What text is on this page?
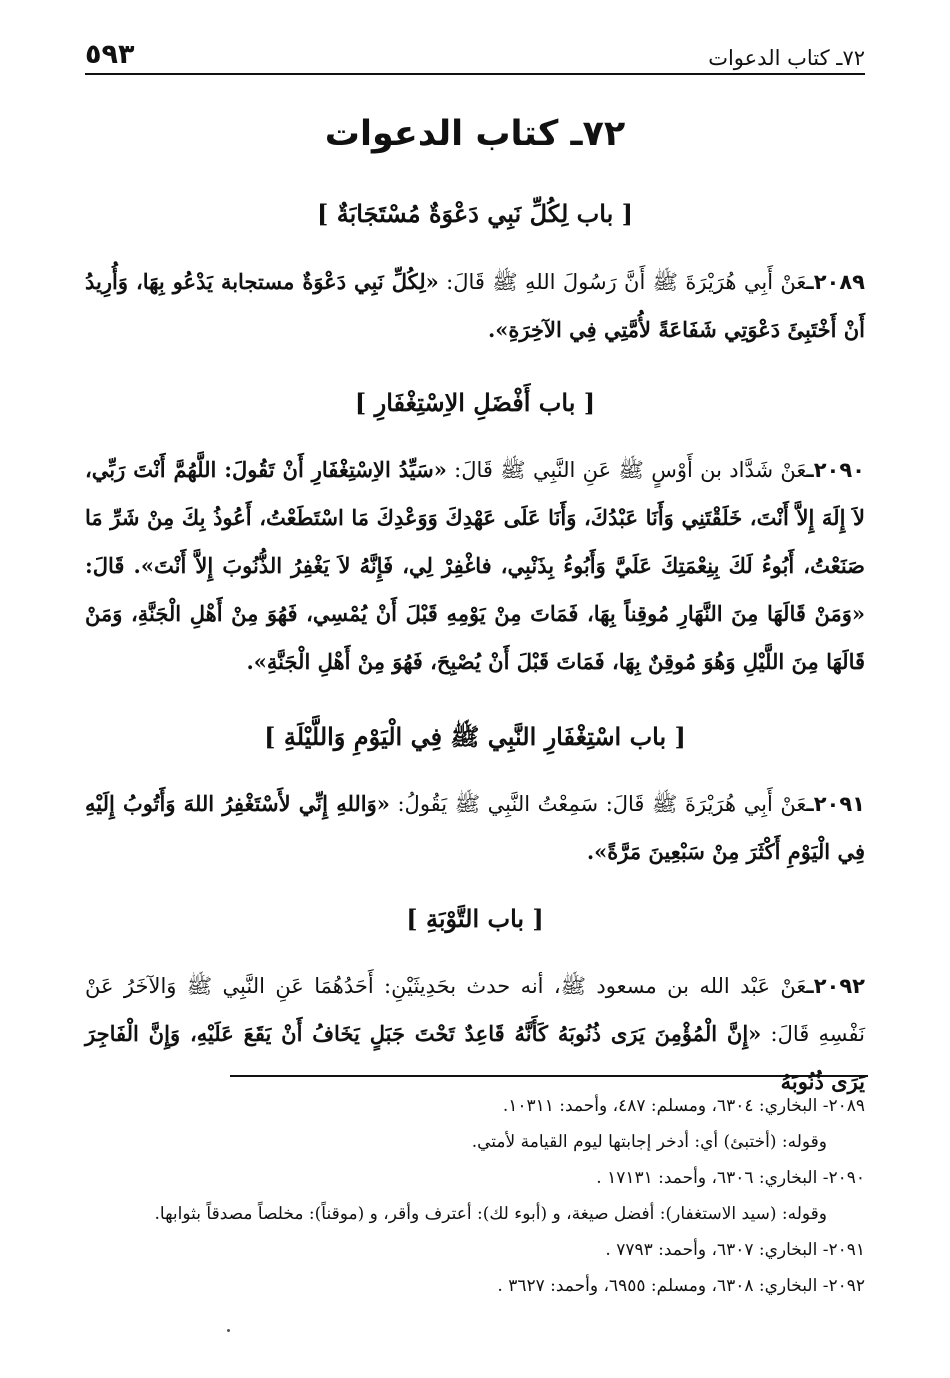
٧٢ـ كتاب الدعوات
٥٩٣
٧٢ـ كتاب الدعوات
[ باب لِكُلِّ نَبِي دَعْوَةٌ مُسْتَجَابَةٌ ]

٢٠٨٩ـعَنْ أَبِي هُرَيْرَةَ ﷺ أَنَّ رَسُولَ اللهِ ﷺ قَالَ: «لِكُلِّ نَبِي دَعْوَةٌ مستجابة يَدْعُو بِهَا، وَأُرِيدُ أَنْ أَخْتَبِئَ دَعْوَتِي شَفَاعَةً لأُمَّتِي فِي الآخِرَةِ».

[ باب أَفْضَلِ الاِسْتِغْفَارِ ]

٢٠٩٠ـعَنْ شَدَّاد بن أَوْسٍ ﷺ عَنِ النَّبِي ﷺ قَالَ: «سَيِّدُ الاِسْتِغْفَارِ أَنْ تَقُولَ: اللَّهُمَّ أَنْتَ رَبِّي، لاَ إِلَهَ إِلاَّ أَنْتَ، خَلَقْتَنِي وَأَنَا عَبْدُكَ، وَأَنَا عَلَى عَهْدِكَ وَوَعْدِكَ مَا اسْتَطَعْتُ، أَعُوذُ بِكَ مِنْ شَرِّ مَا صَنَعْتُ، أَبُوءُ لَكَ بِنِعْمَتِكَ عَلَيَّ وَأَبُوءُ بِذَنْبِي، فاغْفِرْ لِي، فَإِنَّهُ لاَ يَغْفِرُ الذُّنُوبَ إِلاَّ أَنْتَ». قَالَ: «وَمَنْ قَالَهَا مِنَ النَّهَارِ مُوقِناً بِهَا، فَمَاتَ مِنْ يَوْمِهِ قَبْلَ أَنْ يُمْسِي، فَهُوَ مِنْ أَهْلِ الْجَنَّةِ، وَمَنْ قَالَهَا مِنَ اللَّيْلِ وَهُوَ مُوقِنٌ بِهَا، فَمَاتَ قَبْلَ أَنْ يُصْبِحَ، فَهُوَ مِنْ أَهْلِ الْجَنَّةِ».

[ باب اسْتِغْفَارِ النَّبِي ﷺ فِي الْيَوْمِ وَاللَّيْلَةِ ]

٢٠٩١ـعَنْ أَبِي هُرَيْرَةَ ﷺ قَالَ: سَمِعْتُ النَّبِي ﷺ يَقُولُ: «وَاللهِ إِنِّي لأَسْتَغْفِرُ اللهَ وَأَتُوبُ إِلَيْهِ فِي الْيَوْمِ أَكْثَرَ مِنْ سَبْعِينَ مَرَّةً».

[ باب التَّوْبَةِ ]

٢٠٩٢ـعَنْ عَبْد الله بن مسعود ﷺ، أنه حدث بحَدِيثَيْنِ: أَحَدُهُمَا عَنِ النَّبِي ﷺ وَالآخَرُ عَنْ نَفْسِهِ قَالَ: «إِنَّ الْمُؤْمِنَ يَرَى ذُنُوبَهُ كَأَنَّهُ قَاعِدٌ تَحْتَ جَبَلٍ يَخَافُ أَنْ يَقَعَ عَلَيْهِ، وَإِنَّ الْفَاجِرَ يَرَى ذُنُوبَهُ

٢٠٨٩- البخاري: ٦٣٠٤، ومسلم: ٤٨٧، وأحمد: ١٠٣١١.

وقوله: (أختبئ) أي: أدخر إجابتها ليوم القيامة لأمتي.

٢٠٩٠- البخاري: ٦٣٠٦، وأحمد: ١٧١٣١ .

وقوله: (سيد الاستغفار): أفضل صيغة، و (أبوء لك): أعترف وأقر، و (موقناً): مخلصاً مصدقاً بثوابها.

٢٠٩١- البخاري: ٦٣٠٧، وأحمد: ٧٧٩٣ .

٢٠٩٢- البخاري: ٦٣٠٨، ومسلم: ٦٩٥٥، وأحمد: ٣٦٢٧ .
